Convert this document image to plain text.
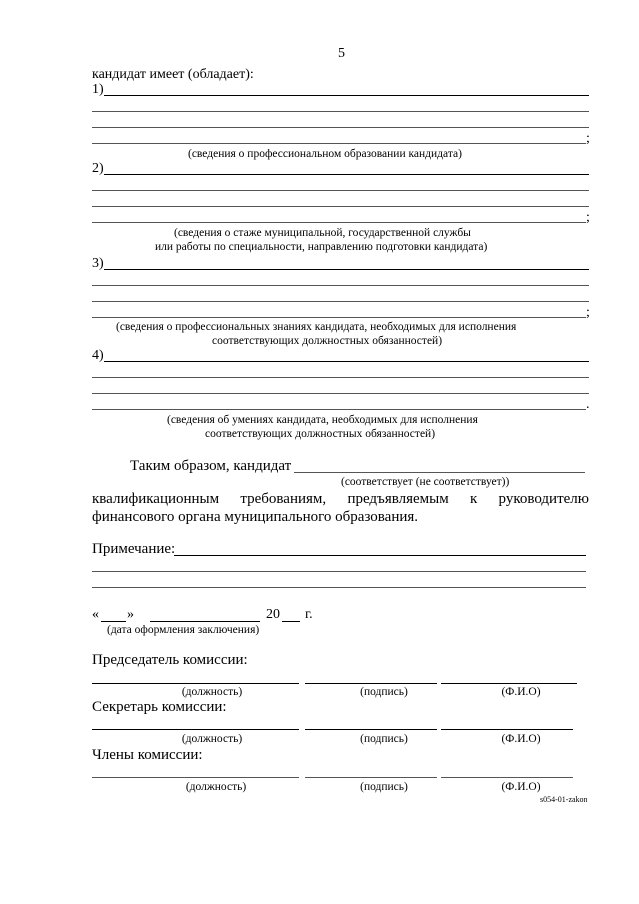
5
кандидат имеет (обладает):
1)
;
(сведения о профессиональном образовании кандидата)
2)
;
(сведения о стаже муниципальной, государственной службы
или работы по специальности, направлению подготовки кандидата)
3)
;
(сведения о профессиональных знаниях кандидата, необходимых для исполнения
соответствующих должностных обязанностей)
4)
.
(сведения об умениях кандидата, необходимых для исполнения
соответствующих должностных обязанностей)
Таким образом, кандидат
(соответствует (не соответствует))
квалификационным требованиям, предъявляемым к руководителю
финансового органа муниципального образования.
Примечание:
« »	20 г.
(дата оформления заключения)
Председатель комиссии:
(должность)	(подпись)	(Ф.И.О)
Секретарь комиссии:
(должность)	(подпись)	(Ф.И.О)
Члены комиссии:
(должность)	(подпись)	(Ф.И.О)
s054-01-zakon
